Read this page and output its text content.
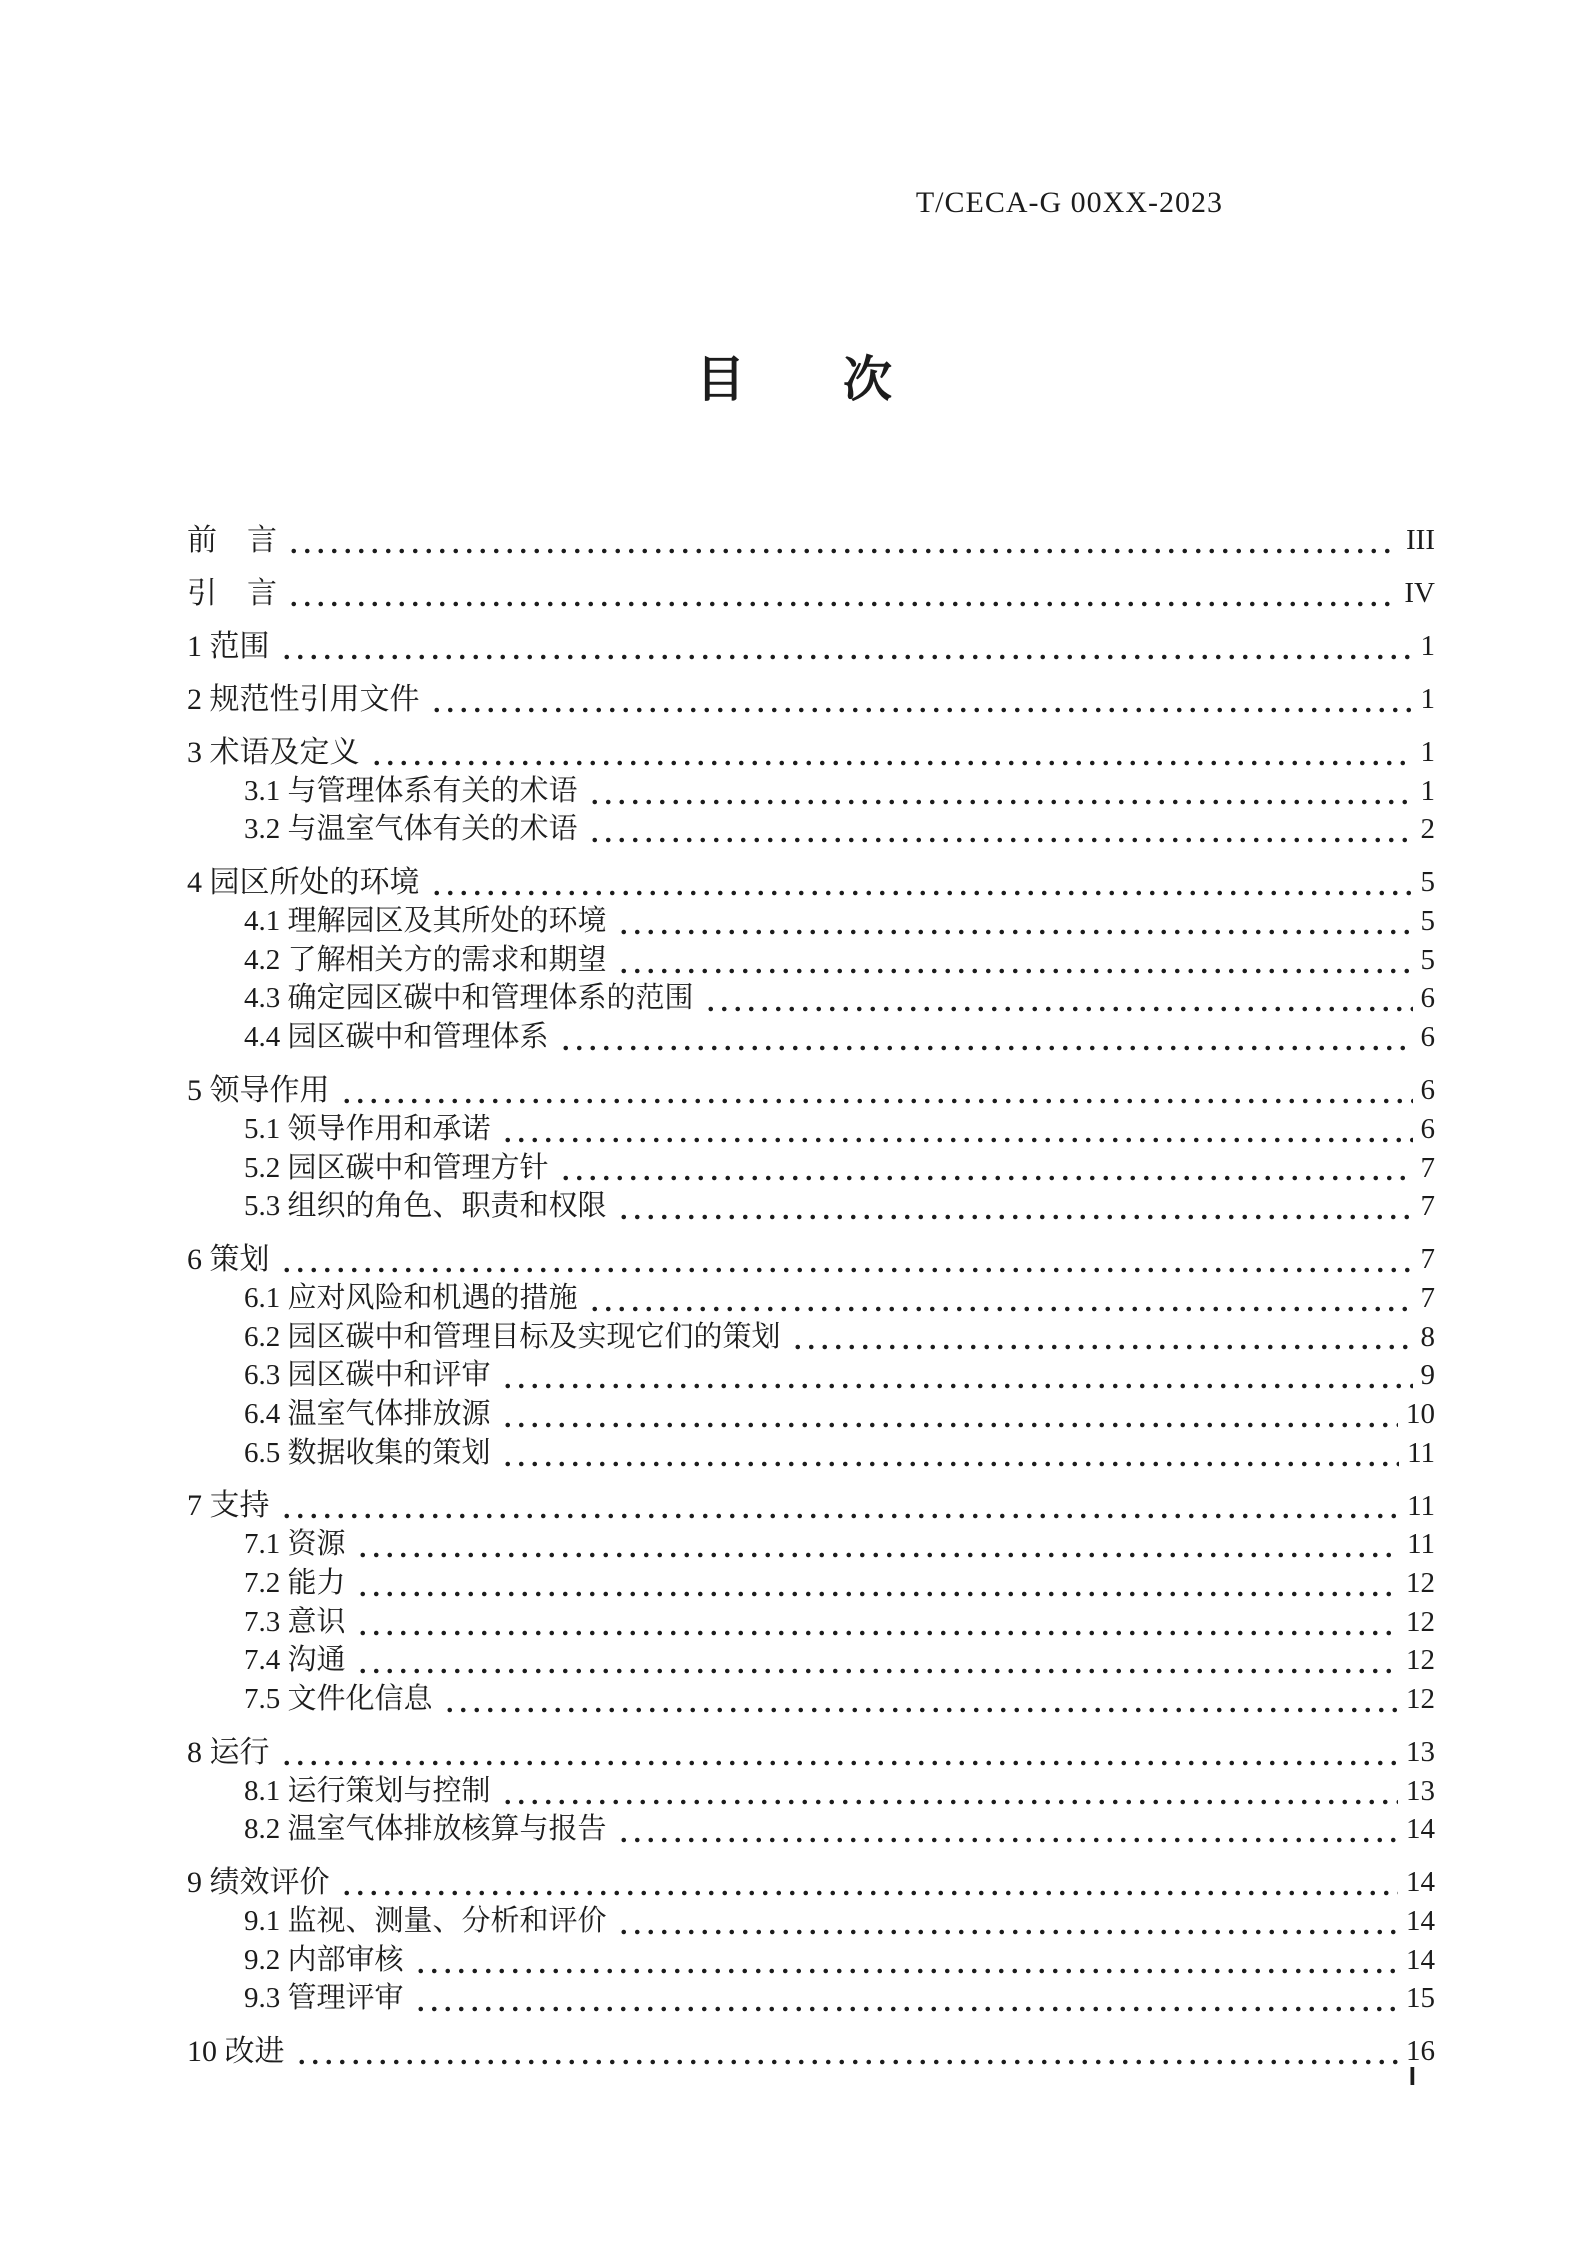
T/CECA-G 00XX-2023
目　　次
前　言	III
引　言	IV
1 范围	1
2 规范性引用文件	1
3 术语及定义	1
3.1 与管理体系有关的术语	1
3.2 与温室气体有关的术语	2
4 园区所处的环境	5
4.1 理解园区及其所处的环境	5
4.2 了解相关方的需求和期望	5
4.3 确定园区碳中和管理体系的范围	6
4.4 园区碳中和管理体系	6
5 领导作用	6
5.1 领导作用和承诺	6
5.2 园区碳中和管理方针	7
5.3 组织的角色、职责和权限	7
6 策划	7
6.1 应对风险和机遇的措施	7
6.2 园区碳中和管理目标及实现它们的策划	8
6.3 园区碳中和评审	9
6.4 温室气体排放源	10
6.5 数据收集的策划	11
7 支持	11
7.1 资源	11
7.2 能力	12
7.3 意识	12
7.4 沟通	12
7.5 文件化信息	12
8 运行	13
8.1 运行策划与控制	13
8.2 温室气体排放核算与报告	14
9 绩效评价	14
9.1 监视、测量、分析和评价	14
9.2 内部审核	14
9.3 管理评审	15
10 改进	16
I
